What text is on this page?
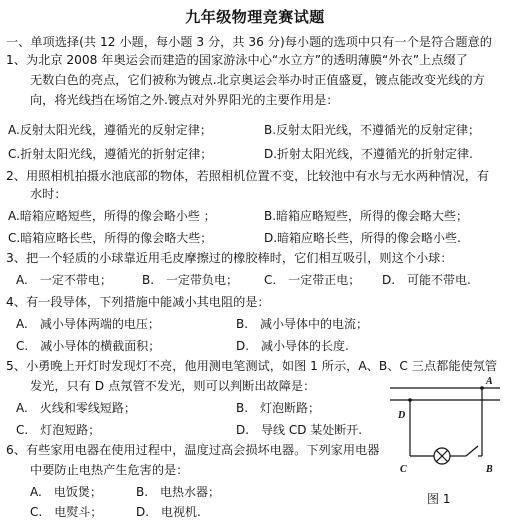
九年级物理竞赛试题
一、单项选择(共 12 小题，每小题 3 分，共 36 分)每小题的选项中只有一个是符合题意的
1、为北京 2008 年奥运会而建造的国家游泳中心“水立方”的透明薄膜“外衣”上点缀了
无数白色的亮点，它们被称为镀点.北京奥运会举办时正值盛夏，镀点能改变光线的方
向，将光线挡在场馆之外.镀点对外界阳光的主要作用是：
A.反射太阳光线，遵循光的反射定律；	B.反射太阳光线，不遵循光的反射定律；
C.折射太阳光线，遵循光的折射定律；	D.折射太阳光线，不遵循光的折射定律.
2、用照相机拍摄水池底部的物体，若照相机位置不变，比较池中有水与无水两种情况，有
水时：
A.暗箱应略短些，所得的像会略小些 ；	B.暗箱应略短些，所得的像会略大些；
C.暗箱应略长些，所得的像会略大些；	D.暗箱应略长些，所得的像会略小些.
3、把一个轻质的小球靠近用毛皮摩擦过的橡胶棒时，它们相互吸引，则这个小球：
A.　一定不带电；	B.　一定带负电； C.　一定带正电； D.　可能不带电.
4、有一段导体，下列措施中能减小其电阻的是：
A.　减小导体两端的电压；	B.　减小导体中的电流；
C.　减小导体的横截面积；	D.　减小导体的长度.
5、小勇晚上开灯时发现灯不亮，他用测电笔测试，如图 1 所示，A、B、C 三点都能使氖管
发光，只有 D 点氖管不发光，则可以判断出故障是：
A.　火线和零线短路；	B.　灯泡断路；
C.　灯泡短路；	D.　导线 CD 某处断开.
6、有些家用电器在使用过程中，温度过高会损坏电器。下列家用电器
中要防止电热产生危害的是：
A.　电饭煲；	B.　电热水器；
C.　电熨斗；	D.　电视机.
A
B
C
D
图 1
